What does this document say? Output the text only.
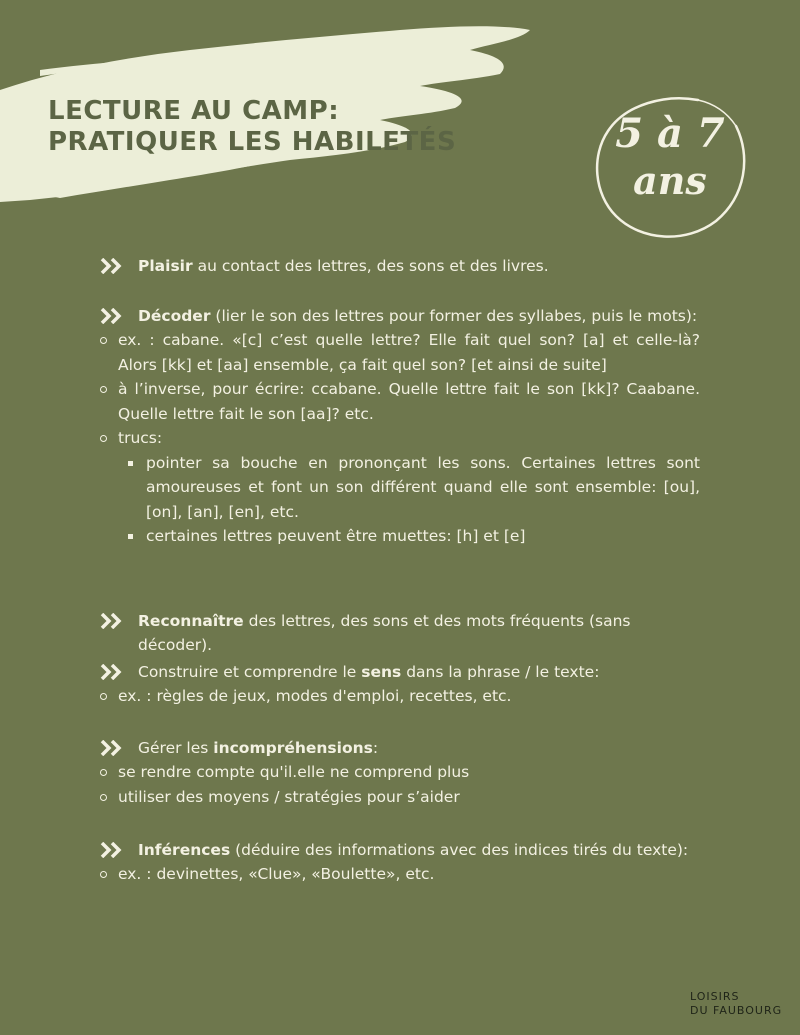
LECTURE AU CAMP:
PRATIQUER LES HABILETÉS	5 à 7
ans
Plaisir au contact des lettres, des sons et des livres.
Décoder (lier le son des lettres pour former des syllabes, puis le mots):
ex. : cabane. «[c] c’est quelle lettre? Elle fait quel son? [a] et celle-là? Alors [kk] et [aa] ensemble, ça fait quel son? [et ainsi de suite]
à l’inverse, pour écrire: ccabane. Quelle lettre fait le son [kk]? Caabane. Quelle lettre fait le son [aa]? etc.
trucs:
pointer sa bouche en prononçant les sons. Certaines lettres sont amoureuses et font un son différent quand elle sont ensemble: [ou], [on], [an], [en], etc.
certaines lettres peuvent être muettes: [h] et [e]
Reconnaître des lettres, des sons et des mots fréquents (sans décoder).
Construire et comprendre le sens dans la phrase / le texte:
ex. : règles de jeux, modes d'emploi, recettes, etc.
Gérer les incompréhensions:
se rendre compte qu'il.elle ne comprend plus
utiliser des moyens / stratégies pour s’aider
Inférences (déduire des informations avec des indices tirés du texte):
ex. : devinettes, «Clue», «Boulette», etc.
LOISIRS
DU FAUBOURG
